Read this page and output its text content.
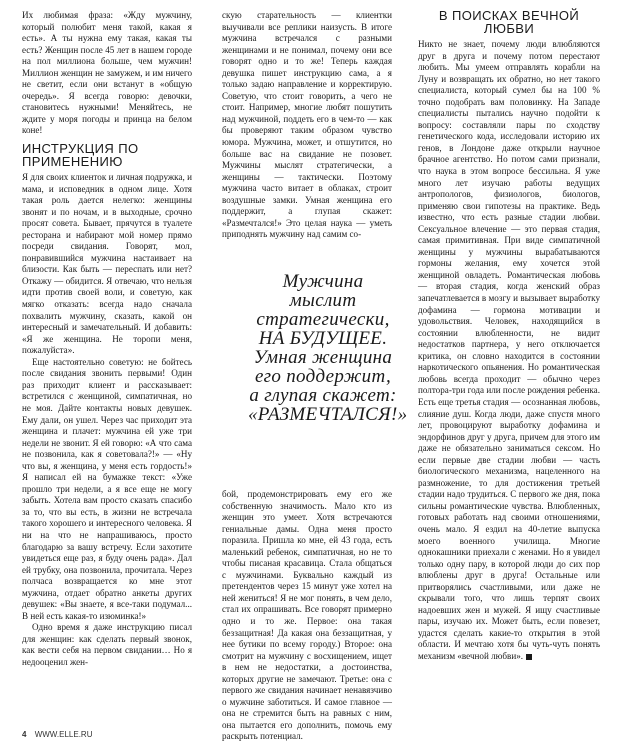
Их любимая фраза: «Жду мужчину, который полюбит меня такой, какая я есть». А ты нужна ему такая, какая ты есть? Женщин после 45 лет в нашем городе на пол миллиона больше, чем мужчин! Миллион женщин не замужем, и им ничего не светит, если они встанут в «общую очередь». Я всегда говорю: девочки, становитесь нужными! Меняйтесь, не ждите у моря погоды и принца на белом коне!

ИНСТРУКЦИЯ ПО ПРИМЕНЕНИЮ

Я для своих клиенток и личная подружка, и мама, и исповедник в одном лице. Хотя такая роль дается нелегко: женщины звонят и по ночам, и в выходные, срочно просят совета. Бывает, прячутся в туалете ресторана и набирают мой номер прямо посреди свидания. Говорят, мол, понравившийся мужчина настаивает на близости. Как быть — переспать или нет? Откажу — обидится. Я отвечаю, что нельзя идти против своей воли, и советую, как мягко отказать: всегда надо сначала похвалить мужчину, сказать, какой он интересный и замечательный. И добавить: «Я же женщина. Не торопи меня, пожалуйста».

Еще настоятельно советую: не бойтесь после свидания звонить первыми! Один раз приходит клиент и рассказывает: встретился с женщиной, симпатичная, но не моя. Дайте контакты новых девушек. Ему дали, он ушел. Через час приходит эта женщина и плачет: мужчина ей уже три недели не звонит. Я ей говорю: «А что сама не позвонила, как я советовала?!» — «Ну что вы, я женщина, у меня есть гордость!» Я написал ей на бумажке текст: «Уже прошло три недели, а я все еще не могу забыть. Хотела вам просто сказать спасибо за то, что вы есть, в жизни не встречала такого хорошего и интересного человека. Я ни на что не напрашиваюсь, просто благодарю за вашу встречу. Если захотите увидеться еще раз, я буду очень рада». Дал ей трубку, она позвонила, прочитала. Через полчаса возвращается ко мне этот мужчина, отдает обратно анкеты других девушек: «Вы знаете, я все-таки подумал... В ней есть какая-то изюминка!»

Одно время я даже инструкцию писал для женщин: как сделать первый звонок, как вести себя на первом свидании… Но я недооценил жен-

скую старательность — клиентки выучивали все реплики наизусть. В итоге мужчина встречался с разными женщинами и не понимал, почему они все говорят одно и то же! Теперь каждая девушка пишет инструкцию сама, а я только задаю направление и корректирую. Советую, что стоит говорить, а чего не стоит. Например, многие любят пошутить над мужчиной, поддеть его в чем-то — как бы проверяют таким образом чувство юмора. Мужчина, может, и отшутится, но больше вас на свидание не позовет. Мужчины мыслят стратегически, а женщины — тактически. Поэтому мужчина часто витает в облаках, строит воздушные замки. Умная женщина его поддержит, а глупая скажет: «Размечтался!» Это целая наука — уметь приподнять мужчину над самим со-

Мужчина мыслит стратегически, НА БУДУЩЕЕ. Умная женщина его поддержит, а глупая скажет: «РАЗМЕЧТАЛСЯ!»

бой, продемонстрировать ему его же собственную значимость. Мало кто из женщин это умеет. Хотя встречаются гениальные дамы. Одна меня просто поразила. Пришла ко мне, ей 43 года, есть маленький ребенок, симпатичная, но не то чтобы писаная красавица. Стала общаться с мужчинами. Буквально каждый из претендентов через 15 минут уже хотел на ней жениться! Я не мог понять, в чем дело, стал их опрашивать. Все говорят примерно одно и то же. Первое: она такая беззащитная! Да какая она беззащитная, у нее бутики по всему городу.) Второе: она смотрит на мужчину с восхищением, ищет в нем не недостатки, а достоинства, которых другие не замечают. Третье: она с первого же свидания начинает ненавязчиво о мужчине заботиться. И самое главное — она не стремится быть на равных с ним, она пытается его дополнить, помочь ему раскрыть потенциал.

В ПОИСКАХ ВЕЧНОЙ ЛЮБВИ

Никто не знает, почему люди влюбляются друг в друга и почему потом перестают любить. Мы умеем отправлять корабли на Луну и возвращать их обратно, но нет такого специалиста, который сумел бы на 100 % точно подобрать вам половинку. На Западе специалисты пытались научно подойти к вопросу: составляли пары по сходству генетического кода, исследовали историю их генов, в Лондоне даже открыли научное брачное агентство. Но потом сами признали, что наука в этом вопросе бессильна. Я уже много лет изучаю работы ведущих антропологов, физиологов, биологов, применяю свои гипотезы на практике. Ведь известно, что есть разные стадии любви. Сексуальное влечение — это первая стадия, самая примитивная. При виде симпатичной женщины у мужчины вырабатываются гормоны желания, ему хочется этой женщиной овладеть. Романтическая любовь — вторая стадия, когда женский образ запечатлевается в мозгу и вызывает выработку дофамина — гормона мотивации и удовольствия. Человек, находящийся в состоянии влюбленности, не видит недостатков партнера, у него отключается критика, он словно находится в состоянии наркотического опьянения. Но романтическая любовь всегда проходит — обычно через полтора-три года или после рождения ребенка. Есть еще третья стадия — осознанная любовь, слияние душ. Когда люди, даже спустя много лет, провоцируют выработку дофамина и эндорфинов друг у друга, причем для этого им даже не обязательно заниматься сексом. Но если первые две стадии любви — часть биологического механизма, нацеленного на размножение, то для достижения третьей стадии надо трудиться. С первого же дня, пока сильны романтические чувства. Влюбленных, готовых работать над своими отношениями, очень мало. Я ездил на 40-летие выпуска моего военного училища. Многие однокашники приехали с женами. Но я увидел только одну пару, в которой люди до сих пор влюблены друг в друга! Остальные или притворялись счастливыми, или даже не скрывали того, что лишь терпят своих надоевших жен и мужей. Я ищу счастливые пары, изучаю их. Может быть, если повезет, удастся сделать какие-то открытия в этой области. И мечтаю хотя бы чуть-чуть понять механизм «вечной любви».

4 WWW.ELLE.RU
